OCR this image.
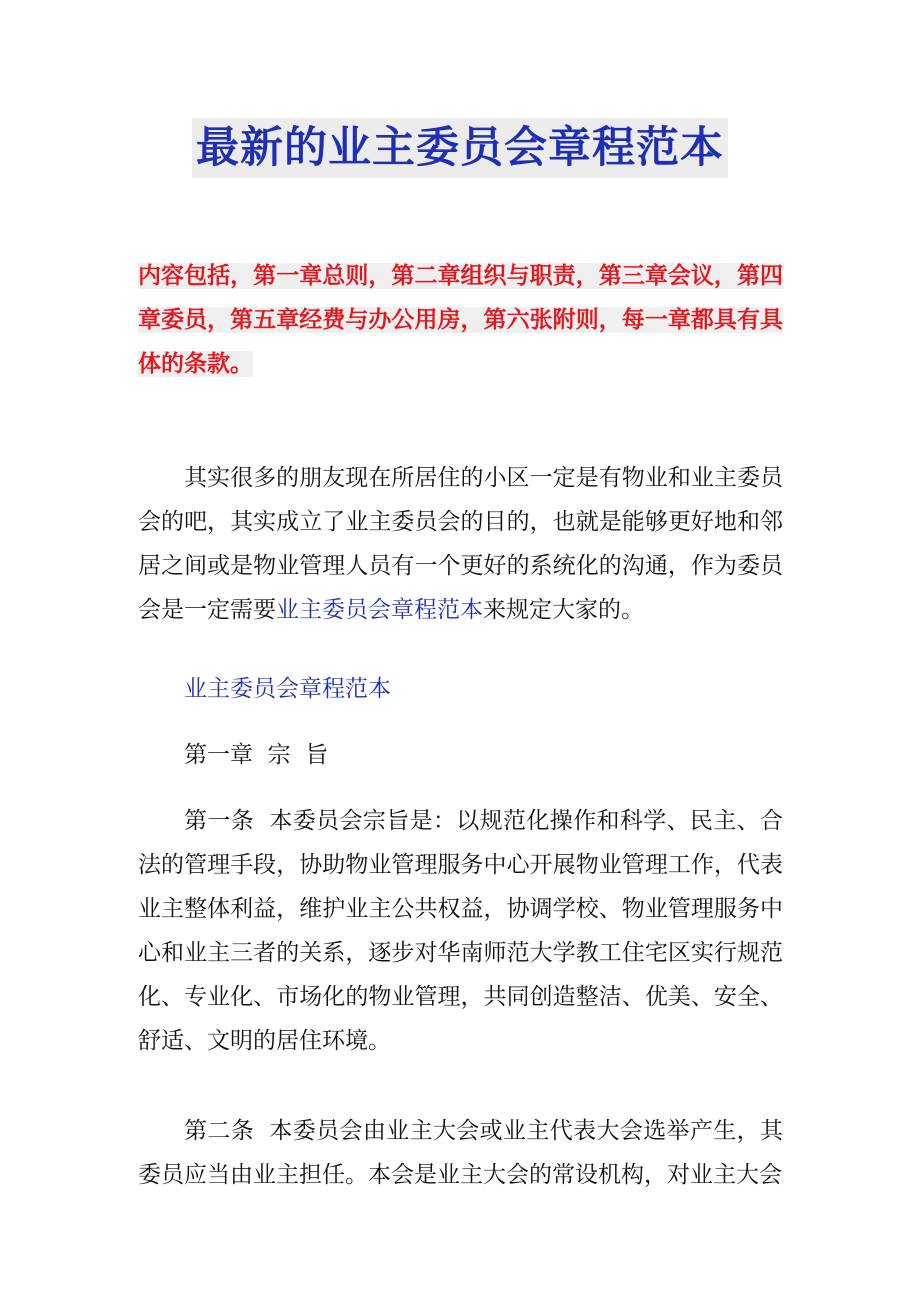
最新的业主委员会章程范本

内容包括，第一章总则，第二章组织与职责，第三章会议，第四章委员，第五章经费与办公用房，第六张附则，每一章都具有具体的条款。

其实很多的朋友现在所居住的小区一定是有物业和业主委员会的吧，其实成立了业主委员会的目的，也就是能够更好地和邻居之间或是物业管理人员有一个更好的系统化的沟通，作为委员会是一定需要业主委员会章程范本来规定大家的。

业主委员会章程范本

第一章  宗  旨

第一条  本委员会宗旨是：以规范化操作和科学、民主、合法的管理手段，协助物业管理服务中心开展物业管理工作，代表业主整体利益，维护业主公共权益，协调学校、物业管理服务中心和业主三者的关系，逐步对华南师范大学教工住宅区实行规范化、专业化、市场化的物业管理，共同创造整洁、优美、安全、舒适、文明的居住环境。

第二条  本委员会由业主大会或业主代表大会选举产生，其委员应当由业主担任。本会是业主大会的常设机构，对业主大会
